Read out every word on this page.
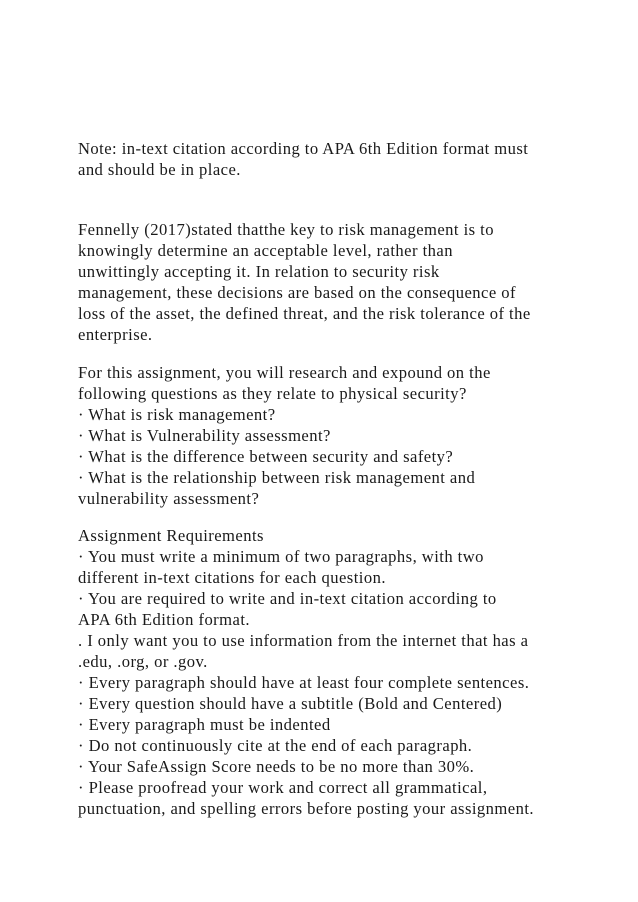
Note: in-text citation according to APA 6th Edition format must
and should be in place.
Fennelly (2017)stated thatthe key to risk management is to
knowingly determine an acceptable level, rather than
unwittingly accepting it. In relation to security risk
management, these decisions are based on the consequence of
loss of the asset, the defined threat, and the risk tolerance of the
enterprise.
For this assignment, you will research and expound on the
following questions as they relate to physical security?
· What is risk management?
· What is Vulnerability assessment?
· What is the difference between security and safety?
· What is the relationship between risk management and
vulnerability assessment?
Assignment Requirements
· You must write a minimum of two paragraphs, with two
different in-text citations for each question.
· You are required to write and in-text citation according to
APA 6th Edition format.
. I only want you to use information from the internet that has a
.edu, .org, or .gov.
· Every paragraph should have at least four complete sentences.
· Every question should have a subtitle (Bold and Centered)
· Every paragraph must be indented
· Do not continuously cite at the end of each paragraph.
· Your SafeAssign Score needs to be no more than 30%.
· Please proofread your work and correct all grammatical,
punctuation, and spelling errors before posting your assignment.
